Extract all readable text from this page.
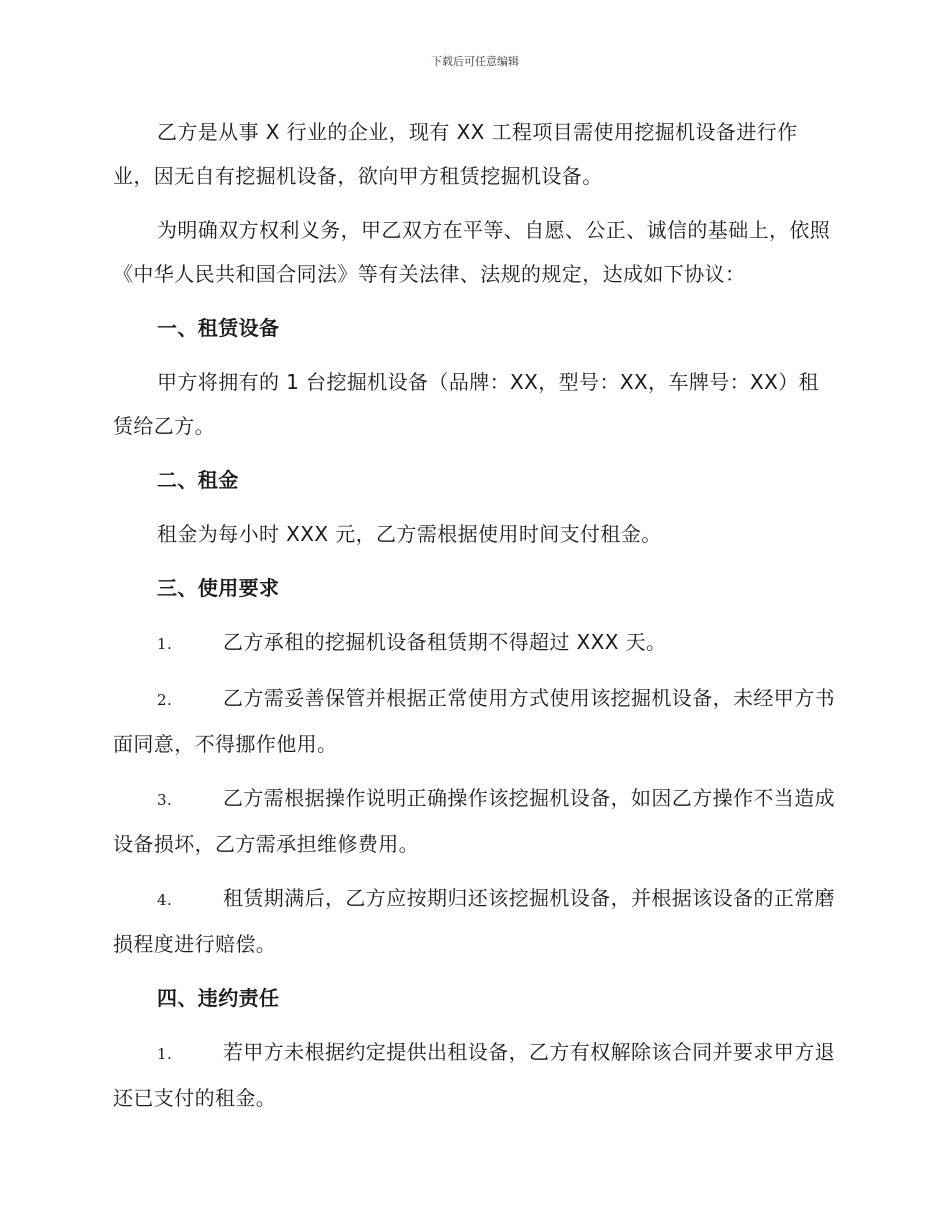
下载后可任意编辑

乙方是从事 X 行业的企业，现有 XX 工程项目需使用挖掘机设备进行作业，因无自有挖掘机设备，欲向甲方租赁挖掘机设备。

为明确双方权利义务，甲乙双方在平等、自愿、公正、诚信的基础上，依照《中华人民共和国合同法》等有关法律、法规的规定，达成如下协议：

一、租赁设备

甲方将拥有的 1 台挖掘机设备（品牌：XX，型号：XX，车牌号：XX）租赁给乙方。

二、租金

租金为每小时 XXX 元，乙方需根据使用时间支付租金。

三、使用要求

1.	乙方承租的挖掘机设备租赁期不得超过 XXX 天。

2.	乙方需妥善保管并根据正常使用方式使用该挖掘机设备，未经甲方书面同意，不得挪作他用。

3.	乙方需根据操作说明正确操作该挖掘机设备，如因乙方操作不当造成设备损坏，乙方需承担维修费用。

4.	租赁期满后，乙方应按期归还该挖掘机设备，并根据该设备的正常磨损程度进行赔偿。

四、违约责任

1.	若甲方未根据约定提供出租设备，乙方有权解除该合同并要求甲方退还已支付的租金。
